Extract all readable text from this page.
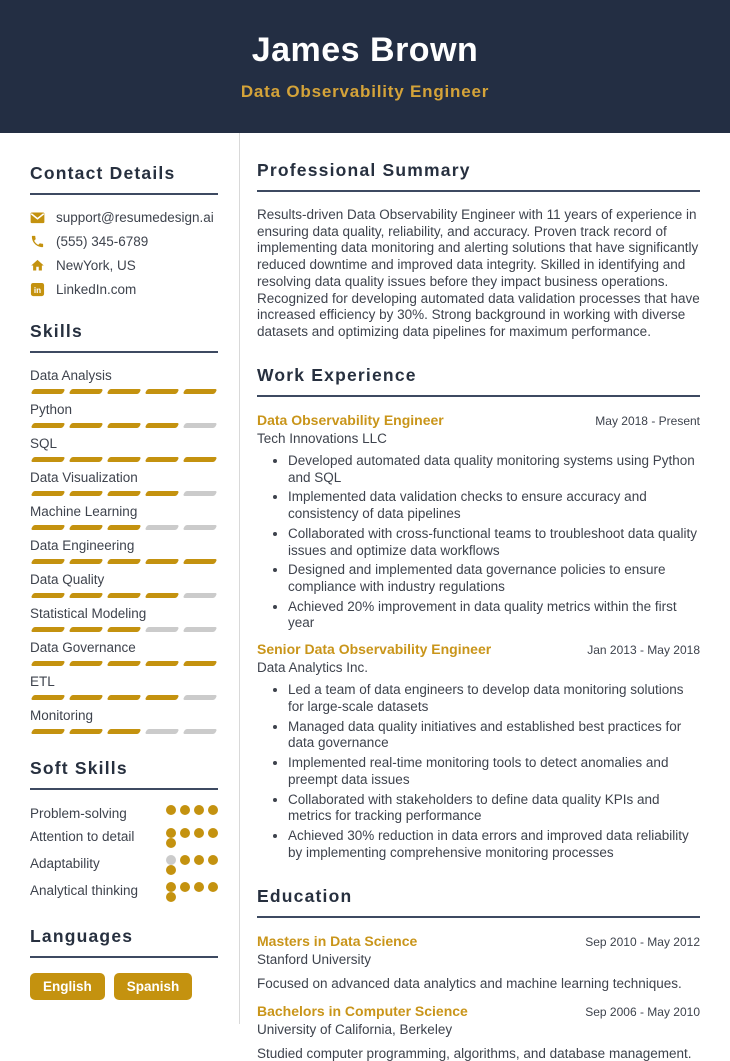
James Brown
Data Observability Engineer
Contact Details
support@resumedesign.ai
(555) 345-6789
NewYork, US
in LinkedIn.com
Skills
Data Analysis
Python
SQL
Data Visualization
Machine Learning
Data Engineering
Data Quality
Statistical Modeling
Data Governance
ETL
Monitoring
Soft Skills
Problem-solving
Attention to detail
Adaptability
Analytical thinking
Languages
English	Spanish
Professional Summary

Results-driven Data Observability Engineer with 11 years of experience in ensuring data quality, reliability, and accuracy. Proven track record of implementing data monitoring and alerting solutions that have significantly reduced downtime and improved data integrity. Skilled in identifying and resolving data quality issues before they impact business operations. Recognized for developing automated data validation processes that have increased efficiency by 30%. Strong background in working with diverse datasets and optimizing data pipelines for maximum performance.

Work Experience
Data Observability Engineer	May 2018 - Present
Tech Innovations LLC
• Developed automated data quality monitoring systems using Python and SQL
• Implemented data validation checks to ensure accuracy and consistency of data pipelines
• Collaborated with cross-functional teams to troubleshoot data quality issues and optimize data workflows
• Designed and implemented data governance policies to ensure compliance with industry regulations
• Achieved 20% improvement in data quality metrics within the first year
Senior Data Observability Engineer	Jan 2013 - May 2018
Data Analytics Inc.
• Led a team of data engineers to develop data monitoring solutions for large-scale datasets
• Managed data quality initiatives and established best practices for data governance
• Implemented real-time monitoring tools to detect anomalies and preempt data issues
• Collaborated with stakeholders to define data quality KPIs and metrics for tracking performance
• Achieved 30% reduction in data errors and improved data reliability by implementing comprehensive monitoring processes
Education
Masters in Data Science	Sep 2010 - May 2012
Stanford University

Focused on advanced data analytics and machine learning techniques.

Bachelors in Computer Science	Sep 2006 - May 2010
University of California, Berkeley

Studied computer programming, algorithms, and database management.
